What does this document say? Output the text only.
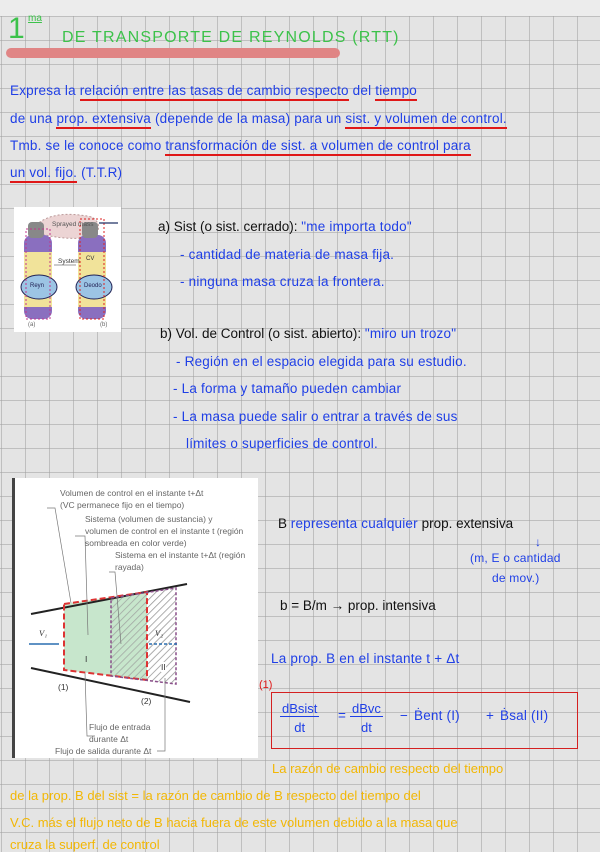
1 ma
DE TRANSPORTE DE REYNOLDS (RTT)
Expresa la relación entre las tasas de cambio respecto del tiempo
de una prop. extensiva (depende de la masa) para un sist. y volumen de control.
Tmb. se le conoce como transformación de sist. a volumen de control para
un vol. fijo. (T.T.R)
Sprayed mass
System CV
Reyn	Deodo
(a)	(b)
a) Sist (o sist. cerrado): "me importa todo"
- cantidad de materia de masa fija.
- ninguna masa cruza la frontera.
b) Vol. de Control (o sist. abierto): "miro un trozo"
- Región en el espacio elegida para su estudio.
- La forma y tamaño pueden cambiar
- La masa puede salir o entrar a través de sus
límites o superficies de control.
Volumen de control en el instante t+Δt
(VC permanece fijo en el tiempo)
Sistema (volumen de sustancia) y
volumen de control en el instante t (región
sombreada en color verde)
Sistema en el instante t+Δt (región
rayada)
V₁	V₂
I
II
(1)
(2)
Flujo de entrada
durante Δt
Flujo de salida durante Δt
B representa cualquier prop. extensiva
↓
(m, E o cantidad
de mov.)
b = B/m → prop. intensiva
La prop. B en el instante t + Δt
(1)
dBsist
dt
= dBvc
dt
− Ḃent (I) + Ḃsal (II)
La razón de cambio respecto del tiempo
de la prop. B del sist = la razón de cambio de B respecto del tiempo del
V.C. más el flujo neto de B hacia fuera de este volumen debido a la masa que
cruza la superf. de control
